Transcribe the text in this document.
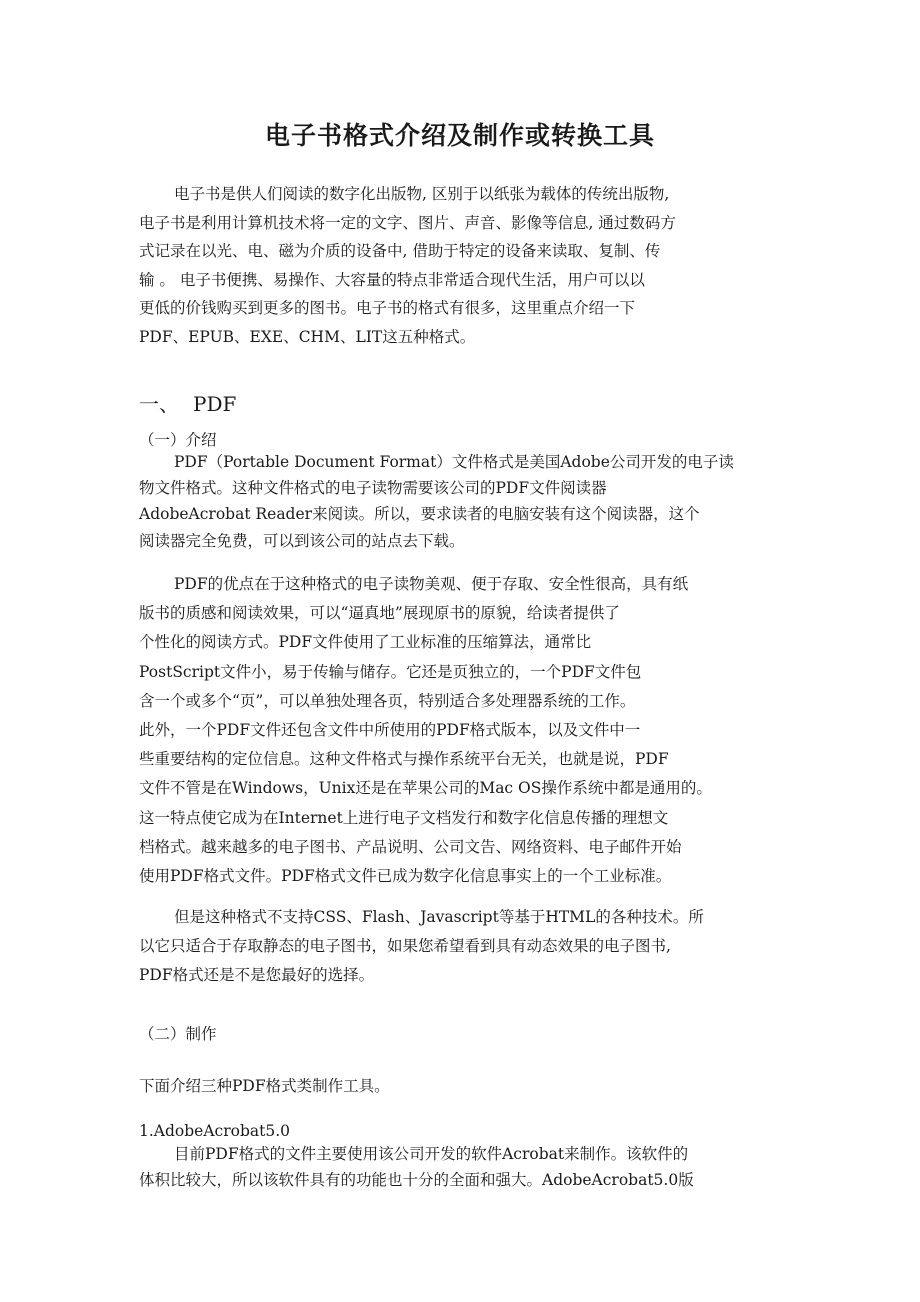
电子书格式介绍及制作或转换工具

电子书是供人们阅读的数字化出版物, 区别于以纸张为载体的传统出版物,

电子书是利用计算机技术将一定的文字、图片、声音、影像等信息, 通过数码方

式记录在以光、电、磁为介质的设备中, 借助于特定的设备来读取、复制、传

输 。 电子书便携、易操作、大容量的特点非常适合现代生活，用户可以以

更低的价钱购买到更多的图书。电子书的格式有很多，这里重点介绍一下

PDF、EPUB、EXE、CHM、LIT这五种格式。

一、 PDF
（一）介绍

PDF（Portable Document Format）文件格式是美国Adobe公司开发的电子读

物文件格式。这种文件格式的电子读物需要该公司的PDF文件阅读器

AdobeAcrobat Reader来阅读。所以，要求读者的电脑安装有这个阅读器，这个

阅读器完全免费，可以到该公司的站点去下载。

PDF的优点在于这种格式的电子读物美观、便于存取、安全性很高，具有纸

版书的质感和阅读效果，可以“逼真地”展现原书的原貌，给读者提供了

个性化的阅读方式。PDF文件使用了工业标准的压缩算法，通常比

PostScript文件小，易于传输与储存。它还是页独立的，一个PDF文件包

含一个或多个“页”，可以单独处理各页，特别适合多处理器系统的工作。

此外，一个PDF文件还包含文件中所使用的PDF格式版本，以及文件中一

些重要结构的定位信息。这种文件格式与操作系统平台无关，也就是说，PDF

文件不管是在Windows，Unix还是在苹果公司的Mac OS操作系统中都是通用的。

这一特点使它成为在Internet上进行电子文档发行和数字化信息传播的理想文

档格式。越来越多的电子图书、产品说明、公司文告、网络资料、电子邮件开始

使用PDF格式文件。PDF格式文件已成为数字化信息事实上的一个工业标准。

但是这种格式不支持CSS、Flash、Javascript等基于HTML的各种技术。所

以它只适合于存取静态的电子图书，如果您希望看到具有动态效果的电子图书,

PDF格式还是不是您最好的选择。

（二）制作
下面介绍三种PDF格式类制作工具。
1.AdobeAcrobat5.0

目前PDF格式的文件主要使用该公司开发的软件Acrobat来制作。该软件的

体积比较大，所以该软件具有的功能也十分的全面和强大。AdobeAcrobat5.0版
